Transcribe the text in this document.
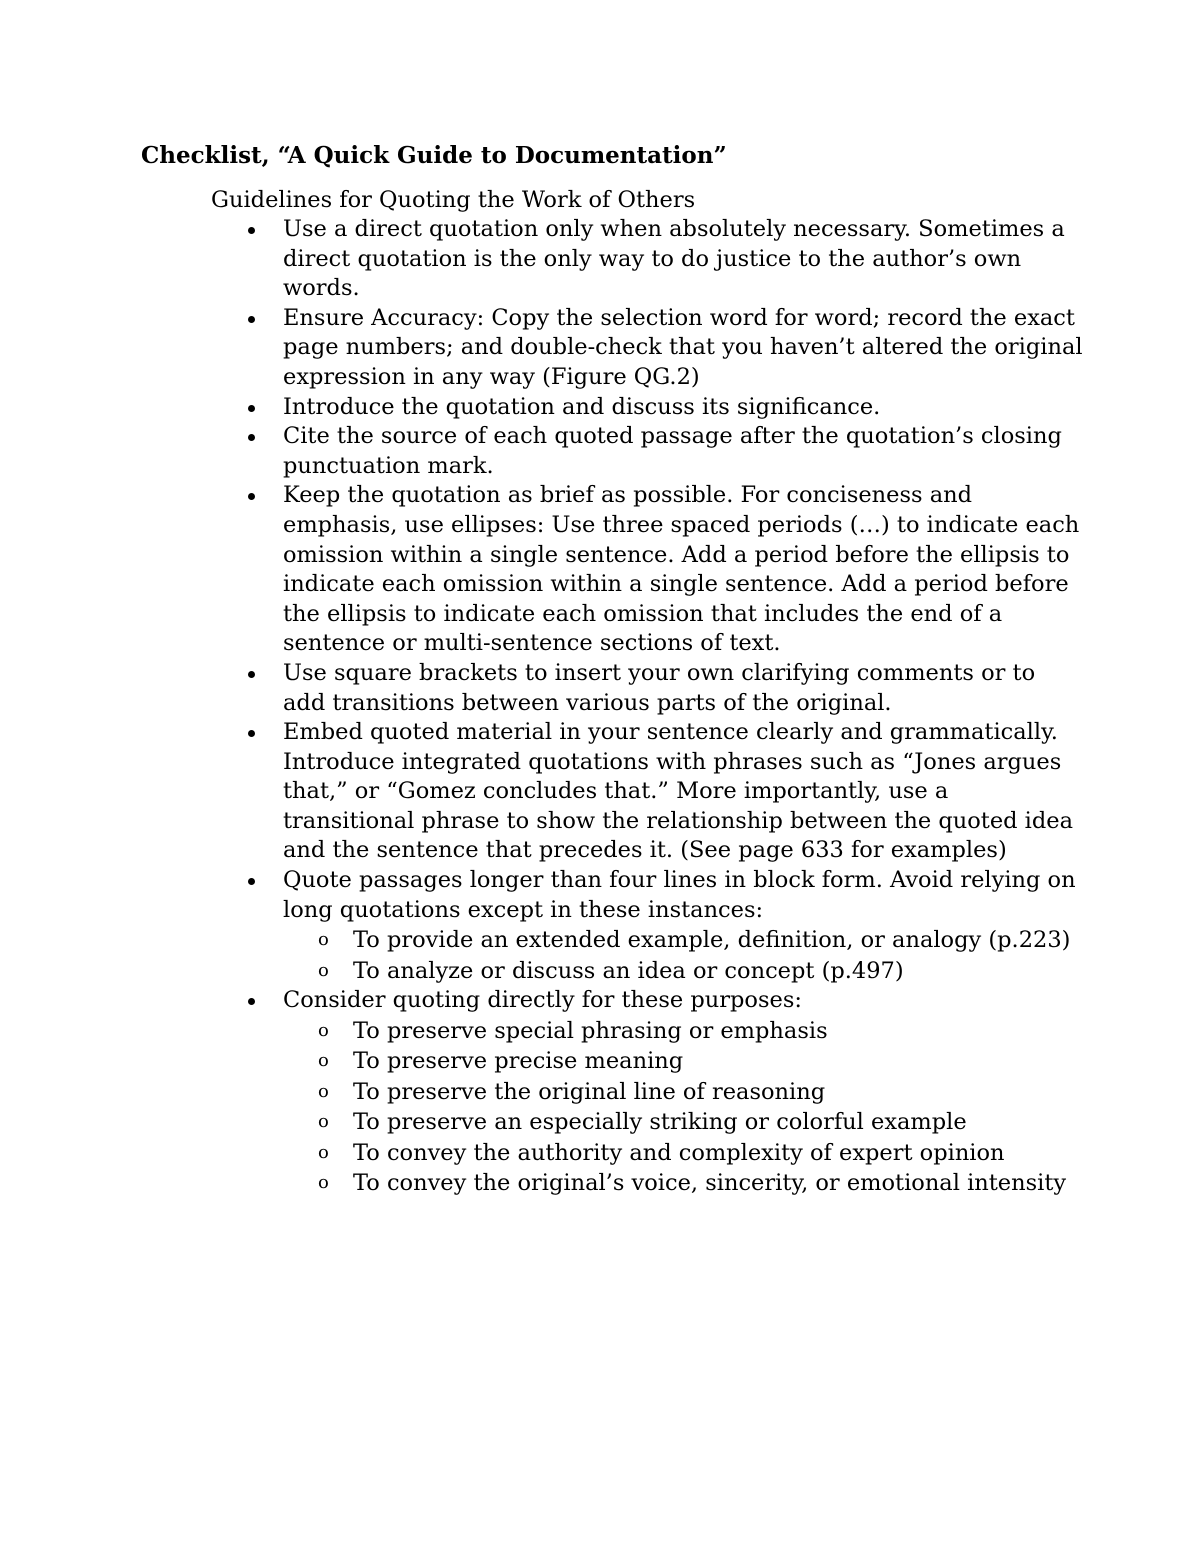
Checklist, “A Quick Guide to Documentation”
Guidelines for Quoting the Work of Others
Use a direct quotation only when absolutely necessary. Sometimes a direct quotation is the only way to do justice to the author’s own words.
Ensure Accuracy: Copy the selection word for word; record the exact page numbers; and double-check that you haven’t altered the original expression in any way (Figure QG.2)
Introduce the quotation and discuss its significance.
Cite the source of each quoted passage after the quotation’s closing punctuation mark.
Keep the quotation as brief as possible. For conciseness and emphasis, use ellipses: Use three spaced periods (…) to indicate each omission within a single sentence. Add a period before the ellipsis to indicate each omission within a single sentence. Add a period before the ellipsis to indicate each omission that includes the end of a sentence or multi-sentence sections of text.
Use square brackets to insert your own clarifying comments or to add transitions between various parts of the original.
Embed quoted material in your sentence clearly and grammatically. Introduce integrated quotations with phrases such as “Jones argues that,” or “Gomez concludes that.” More importantly, use a transitional phrase to show the relationship between the quoted idea and the sentence that precedes it. (See page 633 for examples)
Quote passages longer than four lines in block form. Avoid relying on long quotations except in these instances:
o To provide an extended example, definition, or analogy (p.223)
o To analyze or discuss an idea or concept (p.497)
Consider quoting directly for these purposes:
o To preserve special phrasing or emphasis
o To preserve precise meaning
o To preserve the original line of reasoning
o To preserve an especially striking or colorful example
o To convey the authority and complexity of expert opinion
o To convey the original’s voice, sincerity, or emotional intensity
